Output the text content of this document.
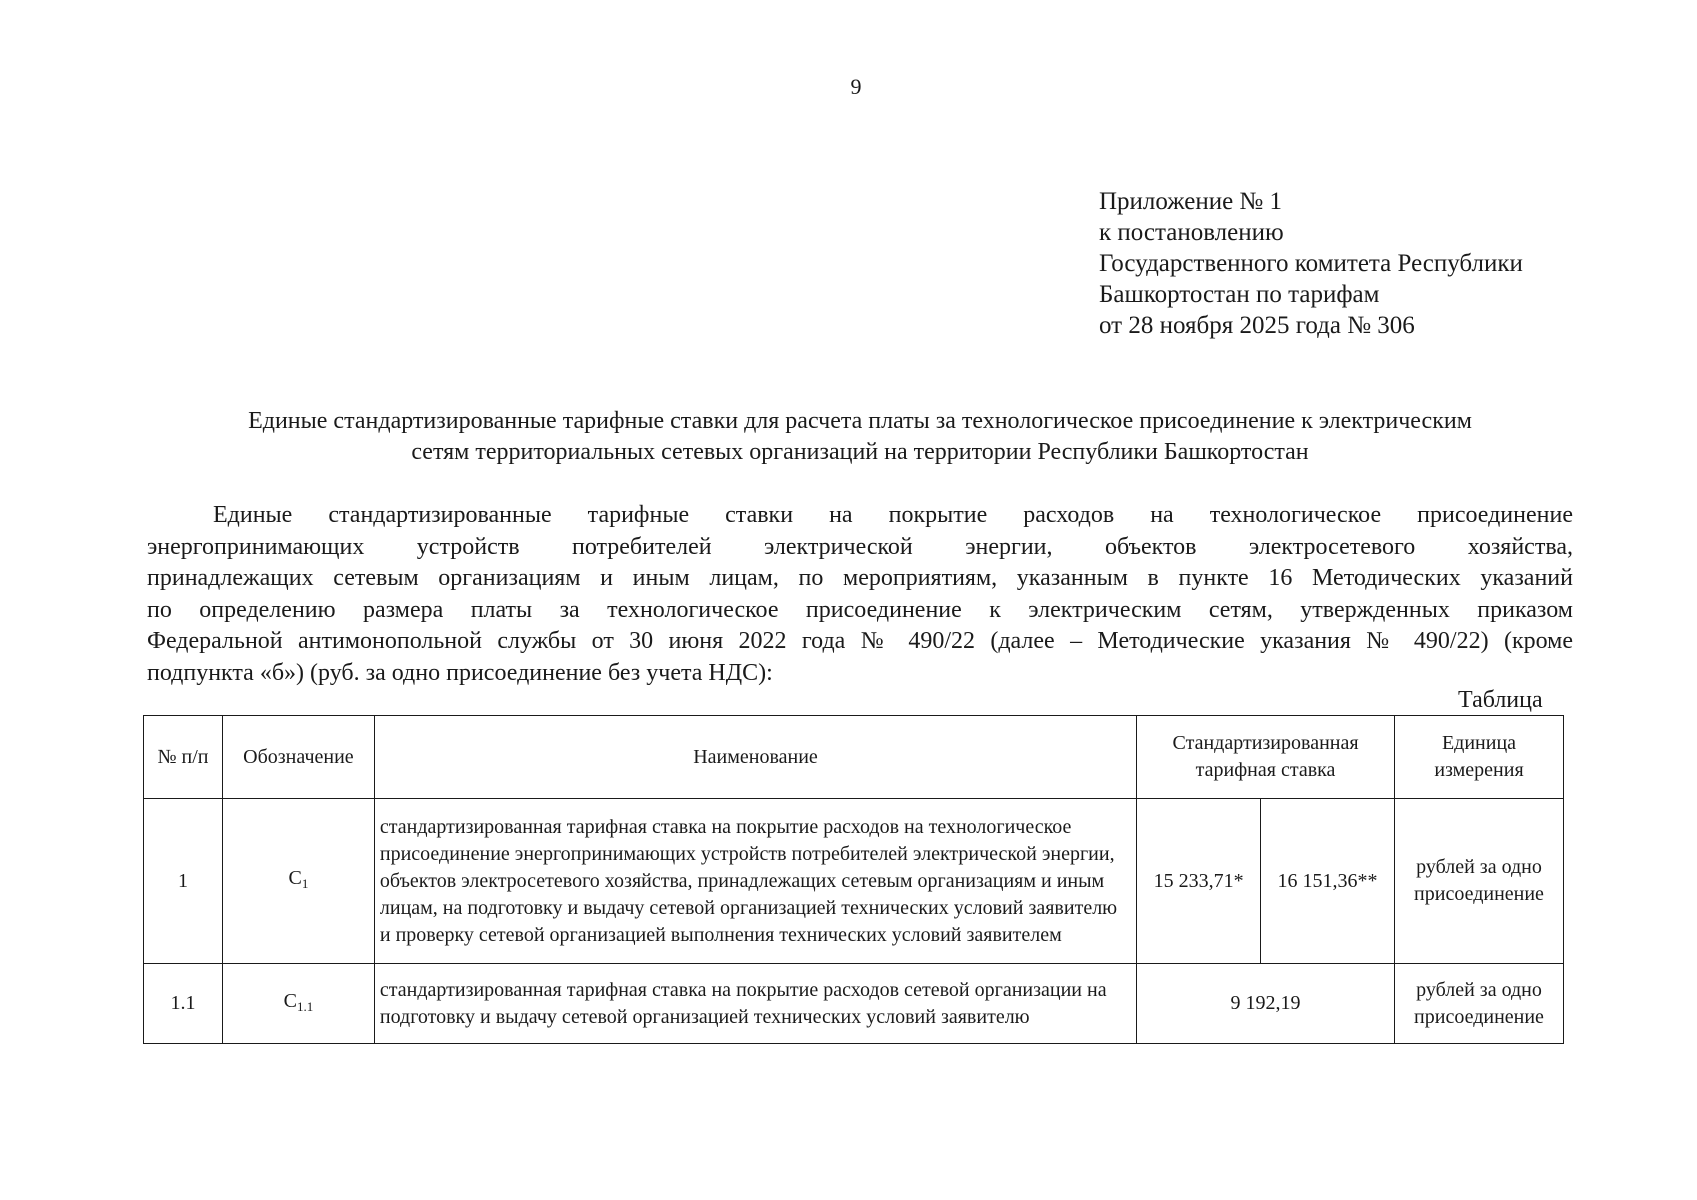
9
Приложение № 1
к постановлению
Государственного комитета Республики
Башкортостан по тарифам
от 28 ноября 2025 года № 306
Единые стандартизированные тарифные ставки для расчета платы за технологическое присоединение к электрическим
сетям территориальных сетевых организаций на территории Республики Башкортостан
Единые стандартизированные тарифные ставки на покрытие расходов на технологическое присоединение
энергопринимающих устройств потребителей электрической энергии, объектов электросетевого хозяйства,
принадлежащих сетевым организациям и иным лицам, по мероприятиям, указанным в пункте 16 Методических указаний
по определению размера платы за технологическое присоединение к электрическим сетям, утвержденных приказом
Федеральной антимонопольной службы от 30 июня 2022 года № 490/22 (далее – Методические указания № 490/22) (кроме
подпункта «б») (руб. за одно присоединение без учета НДС):
Таблица
№ п/п	Обозначение	Наименование	Стандартизированная тарифная ставка		Единица измерения
1	$C_1$	стандартизированная тарифная ставка на покрытие расходов на технологическое присоединение энергопринимающих устройств потребителей электрической энергии, объектов электросетевого хозяйства, принадлежащих сетевым организациям и иным лицам, на подготовку и выдачу сетевой организацией технических условий заявителю и проверку сетевой организацией выполнения технических условий заявителем	15 233,71*	16 151,36**	рублей за одно присоединение
1.1	$C_{1.1}$	стандартизированная тарифная ставка на покрытие расходов сетевой организации на подготовку и выдачу сетевой организацией технических условий заявителю	9 192,19		рублей за одно присоединение
